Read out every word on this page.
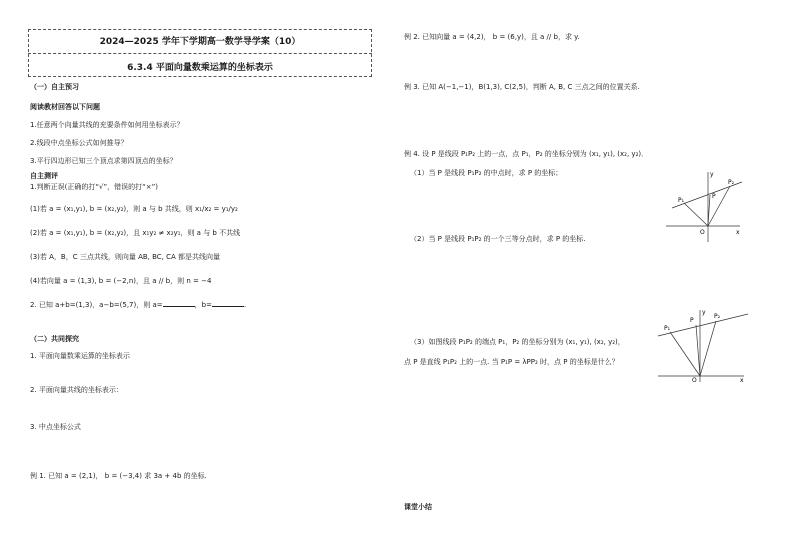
2024—2025 学年下学期高一数学导学案（10）
6.3.4 平面向量数乘运算的坐标表示
（一）自主预习
阅读教材回答以下问题
1.任意两个向量共线的充要条件如何用坐标表示？
2.线段中点坐标公式如何推导？
3.平行四边形已知三个顶点求第四顶点的坐标？
自主测评
1.判断正误(正确的打“√”，错误的打“×”)
(1)若 a = (x₁,y₁), b = (x₂,y₂)，则 a 与 b 共线，则 x₁/x₂ = y₁/y₂
(2)若 a = (x₁,y₁), b = (x₂,y₂)，且 x₁y₂ ≠ x₂y₁，则 a 与 b 不共线
(3)若 A，B，C 三点共线，则向量 AB, BC, CA 都是共线向量
(4)若向量 a = (1,3), b = (−2,n)，且 a // b，则 n = −4
2. 已知 a+b=(1,3)，a−b=(5,7)，则 a=	，b=	.
（二）共同探究
1. 平面向量数乘运算的坐标表示
2. 平面向量共线的坐标表示：
3. 中点坐标公式
例 1. 已知 a = (2,1)， b = (−3,4) 求 3a + 4b 的坐标.
例 2. 已知向量 a = (4,2)， b = (6,y)，且 a // b，求 y.
例 3. 已知 A(−1,−1)，B(1,3), C(2,5)，判断 A, B, C 三点之间的位置关系.
例 4. 设 P 是线段 P₁P₂ 上的一点，点 P₁，P₂ 的坐标分别为 (x₁, y₁), (x₂, y₂)．
（1）当 P 是线段 P₁P₂ 的中点时，求 P 的坐标；
（2）当 P 是线段 P₁P₂ 的一个三等分点时，求 P 的坐标.
（3）如图线段 P₁P₂ 的端点 P₁，P₂ 的坐标分别为 (x₁, y₁), (x₂, y₂)，
点 P 是直线 P₁P₂ 上的一点. 当 P₁P = λPP₂ 时，点 P 的坐标是什么？
课堂小结
P₁
P
P₂
O	x
y
P₁
P
P₂
O	x
y
